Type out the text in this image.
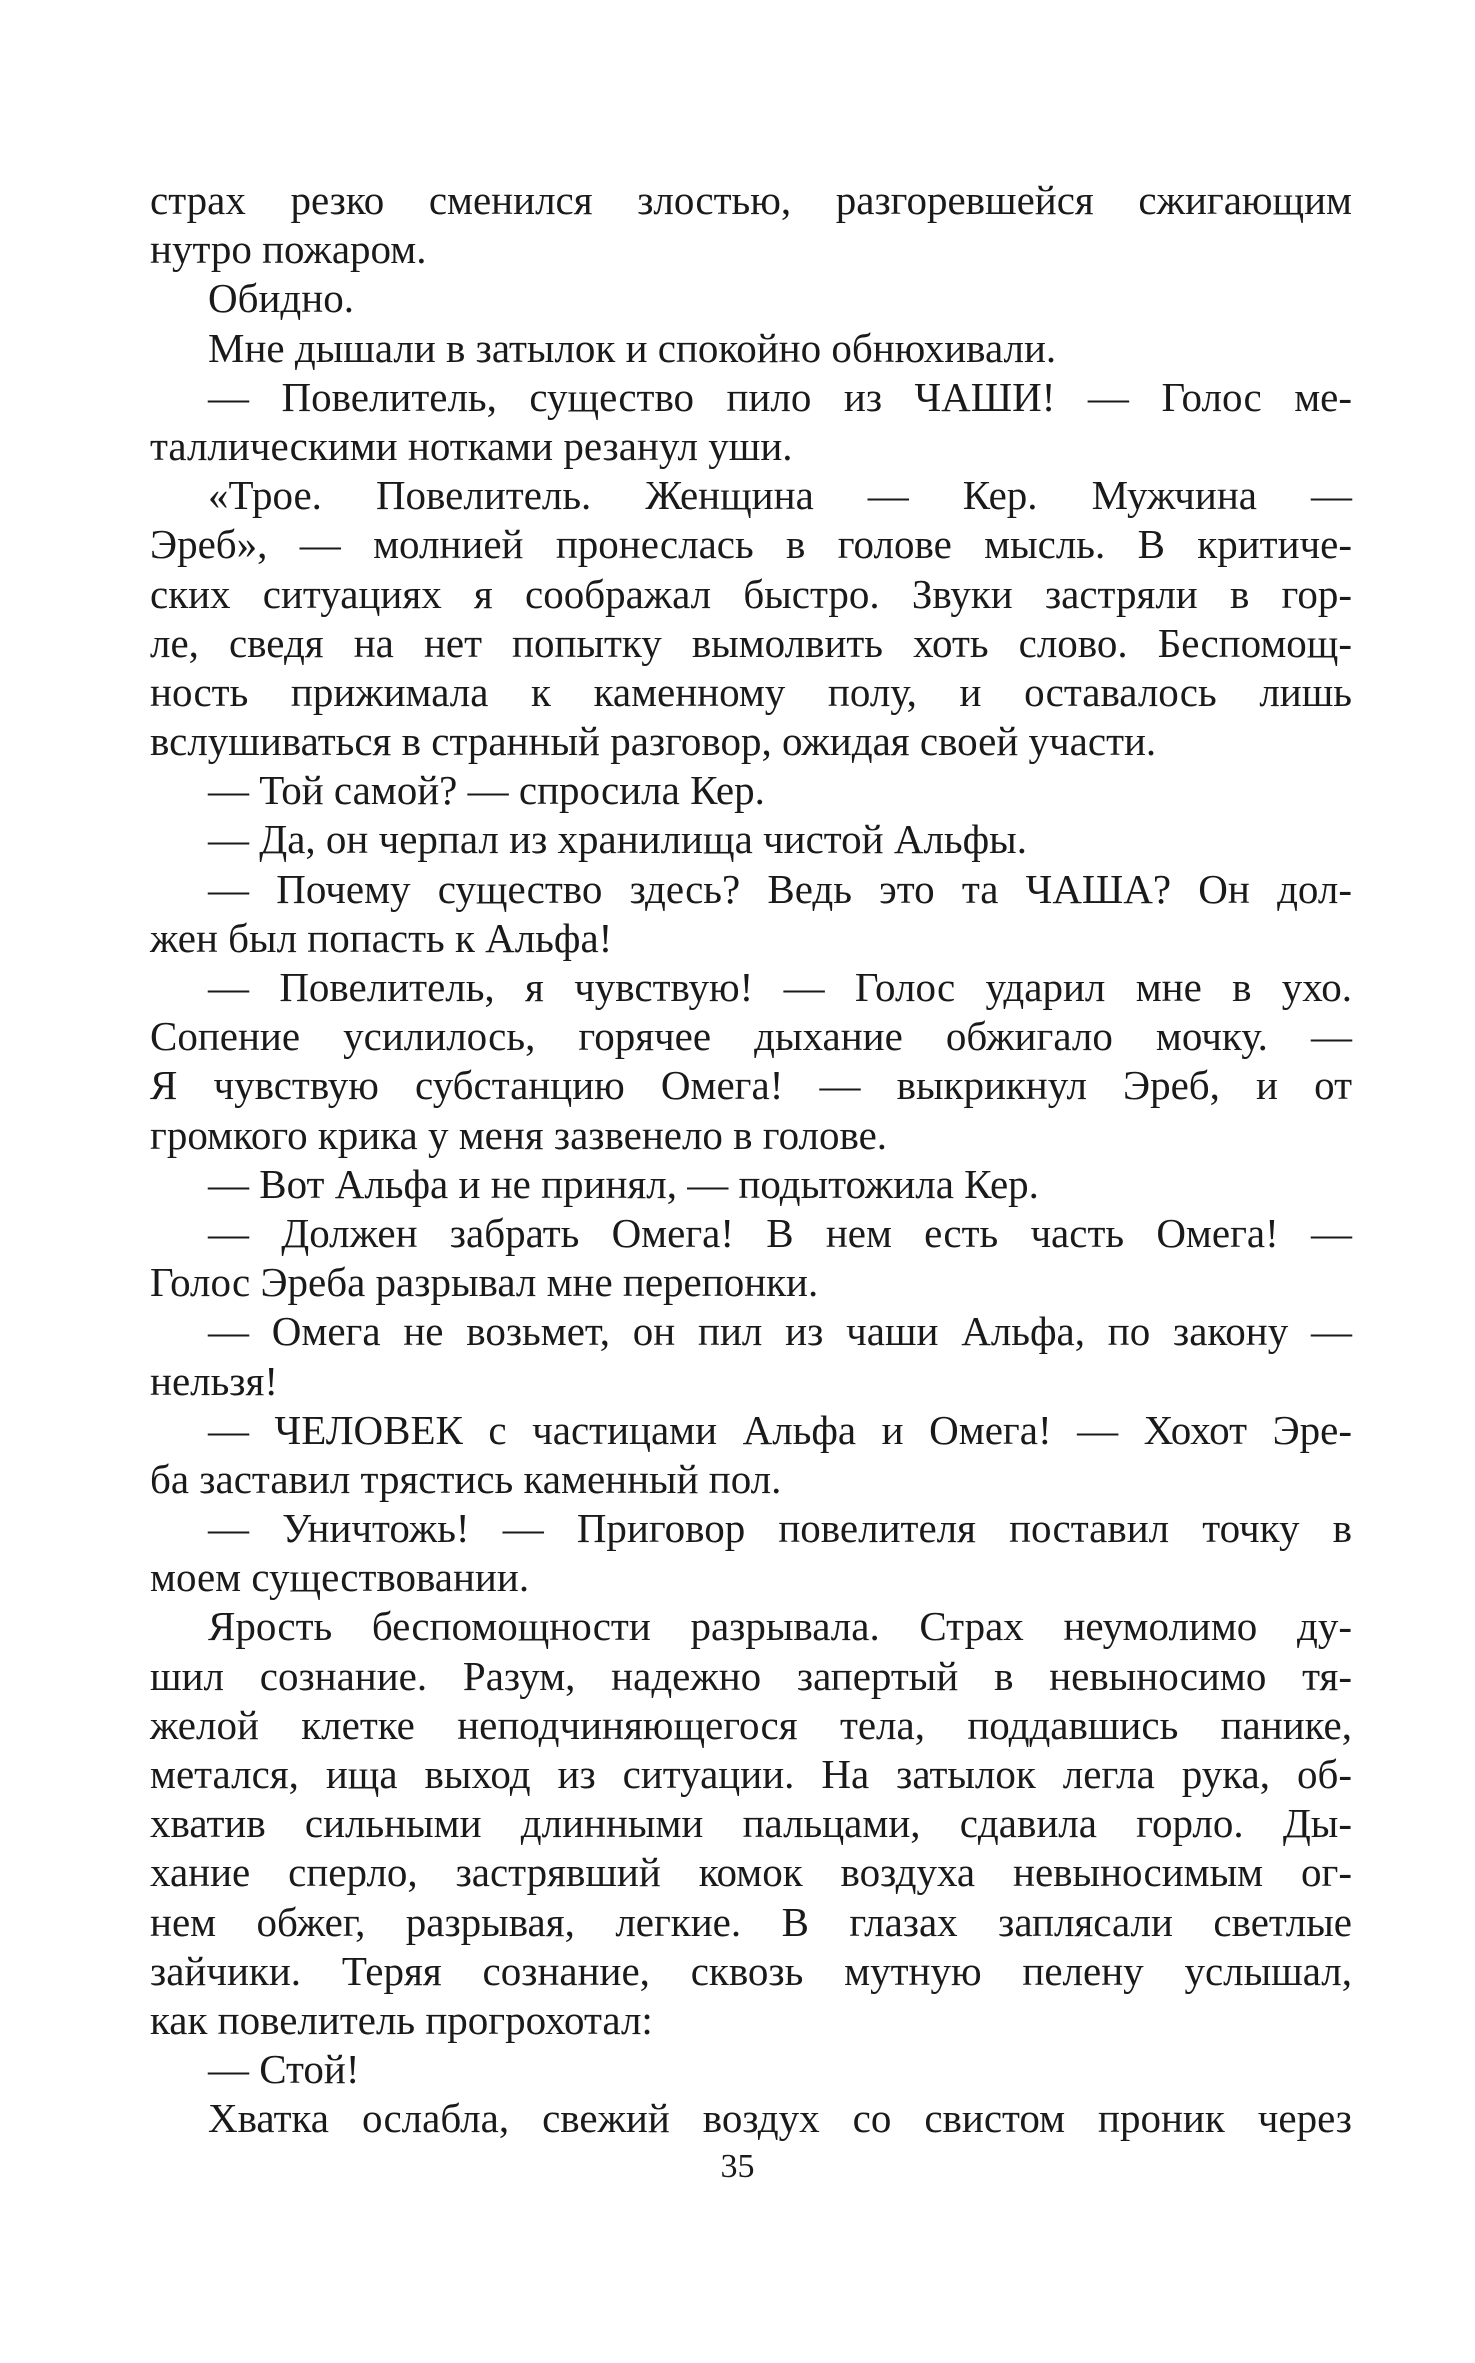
страх резко сменился злостью, разгоревшейся сжигающим
нутро пожаром.
Обидно.
Мне дышали в затылок и спокойно обнюхивали.
— Повелитель, существо пило из ЧАШИ! — Голос ме-
таллическими нотками резанул уши.
«Трое. Повелитель. Женщина — Кер. Мужчина —
Эреб», — молнией пронеслась в голове мысль. В критиче-
ских ситуациях я соображал быстро. Звуки застряли в гор-
ле, сведя на нет попытку вымолвить хоть слово. Беспомощ-
ность прижимала к каменному полу, и оставалось лишь
вслушиваться в странный разговор, ожидая своей участи.
— Той самой? — спросила Кер.
— Да, он черпал из хранилища чистой Альфы.
— Почему существо здесь? Ведь это та ЧАША? Он дол-
жен был попасть к Альфа!
— Повелитель, я чувствую! — Голос ударил мне в ухо.
Сопение усилилось, горячее дыхание обжигало мочку. —
Я чувствую субстанцию Омега! — выкрикнул Эреб, и от
громкого крика у меня зазвенело в голове.
— Вот Альфа и не принял, — подытожила Кер.
— Должен забрать Омега! В нем есть часть Омега! —
Голос Эреба разрывал мне перепонки.
— Омега не возьмет, он пил из чаши Альфа, по закону —
нельзя!
— ЧЕЛОВЕК с частицами Альфа и Омега! — Хохот Эре-
ба заставил трястись каменный пол.
— Уничтожь! — Приговор повелителя поставил точку в
моем существовании.
Ярость беспомощности разрывала. Страх неумолимо ду-
шил сознание. Разум, надежно запертый в невыносимо тя-
желой клетке неподчиняющегося тела, поддавшись панике,
метался, ища выход из ситуации. На затылок легла рука, об-
хватив сильными длинными пальцами, сдавила горло. Ды-
хание сперло, застрявший комок воздуха невыносимым ог-
нем обжег, разрывая, легкие. В глазах заплясали светлые
зайчики. Теряя сознание, сквозь мутную пелену услышал,
как повелитель прогрохотал:
— Стой!
Хватка ослабла, свежий воздух со свистом проник через
35
